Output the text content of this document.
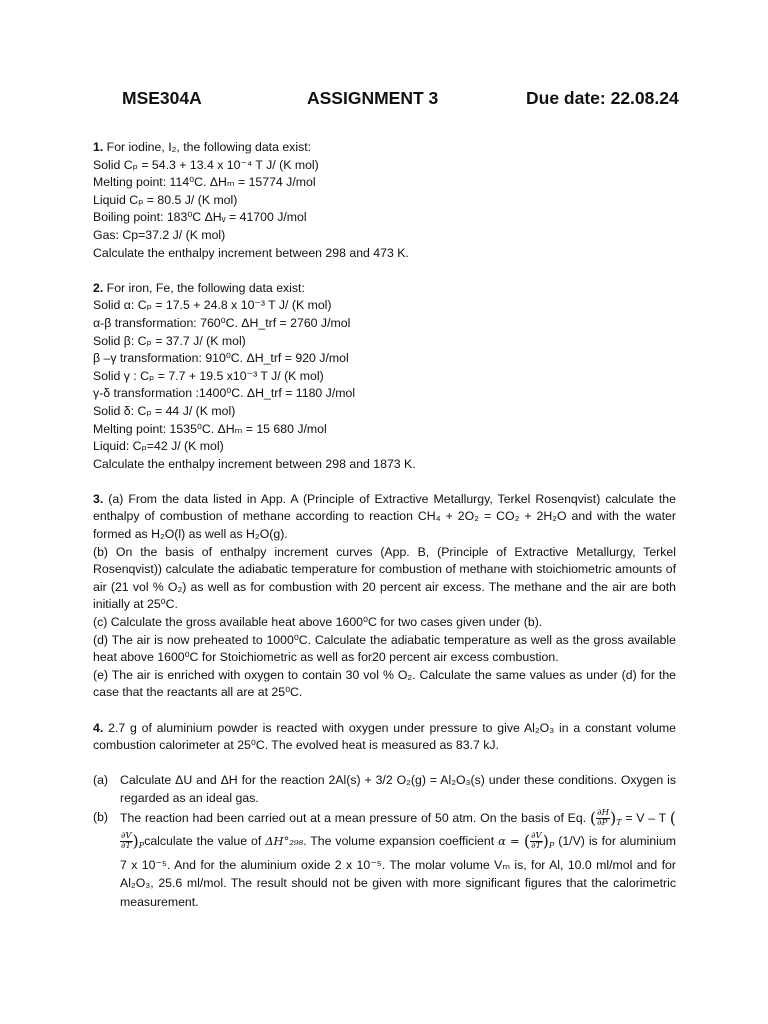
MSE304A	ASSIGNMENT 3	Due date: 22.08.24
1. For iodine, I₂, the following data exist:
Solid Cₚ = 54.3 + 13.4 x 10⁻⁴ T J/ (K mol)
Melting point: 114⁰C. ΔHₘ = 15774 J/mol
Liquid Cₚ = 80.5 J/ (K mol)
Boiling point: 183⁰C ΔHᵥ = 41700 J/mol
Gas: Cp=37.2 J/ (K mol)
Calculate the enthalpy increment between 298 and 473 K.
2. For iron, Fe, the following data exist:
Solid α: Cₚ = 17.5 + 24.8 x 10⁻³ T J/ (K mol)
α-β transformation: 760⁰C. ΔH_trf = 2760 J/mol
Solid β: Cₚ = 37.7 J/ (K mol)
β –γ transformation: 910⁰C. ΔH_trf = 920 J/mol
Solid γ : Cₚ = 7.7 + 19.5 x10⁻³ T J/ (K mol)
γ-δ transformation :1400⁰C. ΔH_trf = 1180 J/mol
Solid δ: Cₚ = 44 J/ (K mol)
Melting point: 1535⁰C. ΔHₘ = 15 680 J/mol
Liquid: Cₚ=42 J/ (K mol)
Calculate the enthalpy increment between 298 and 1873 K.
3. (a) From the data listed in App. A (Principle of Extractive Metallurgy, Terkel Rosenqvist) calculate the enthalpy of combustion of methane according to reaction CH₄ + 2O₂ = CO₂ + 2H₂O and with the water formed as H₂O(l) as well as H₂O(g).
(b) On the basis of enthalpy increment curves (App. B, (Principle of Extractive Metallurgy, Terkel Rosenqvist)) calculate the adiabatic temperature for combustion of methane with stoichiometric amounts of air (21 vol % O₂) as well as for combustion with 20 percent air excess. The methane and the air are both initially at 25⁰C.
(c) Calculate the gross available heat above 1600⁰C for two cases given under (b).
(d) The air is now preheated to 1000⁰C. Calculate the adiabatic temperature as well as the gross available heat above 1600⁰C for Stoichiometric as well as for20 percent air excess combustion.
(e) The air is enriched with oxygen to contain 30 vol % O₂. Calculate the same values as under (d) for the case that the reactants all are at 25⁰C.
4. 2.7 g of aluminium powder is reacted with oxygen under pressure to give Al₂O₃ in a constant volume combustion calorimeter at 25⁰C. The evolved heat is measured as 83.7 kJ.
(a) Calculate ΔU and ΔH for the reaction 2Al(s) + 3/2 O₂(g) = Al₂O₃(s) under these conditions. Oxygen is regarded as an ideal gas.
(b) The reaction had been carried out at a mean pressure of 50 atm. On the basis of Eq. ( $\frac{\partial H}{\partial P} )_T = V - T$ (
$\frac{\partial V}{\partial T}$ )$_Pcalculate$ the value of ΔH°₂₉₈. The volume expansion coefficient α = ( $\frac{\partial V}{\partial T} )_P$ (1/V) is for aluminium 7 x 10⁻⁵. And for the aluminium oxide 2 x 10⁻⁵. The molar volume Vₘ is, for Al, 10.0 ml/mol and for Al₂O₃, 25.6 ml/mol. The result should not be given with more significant figures that the calorimetric measurement.
